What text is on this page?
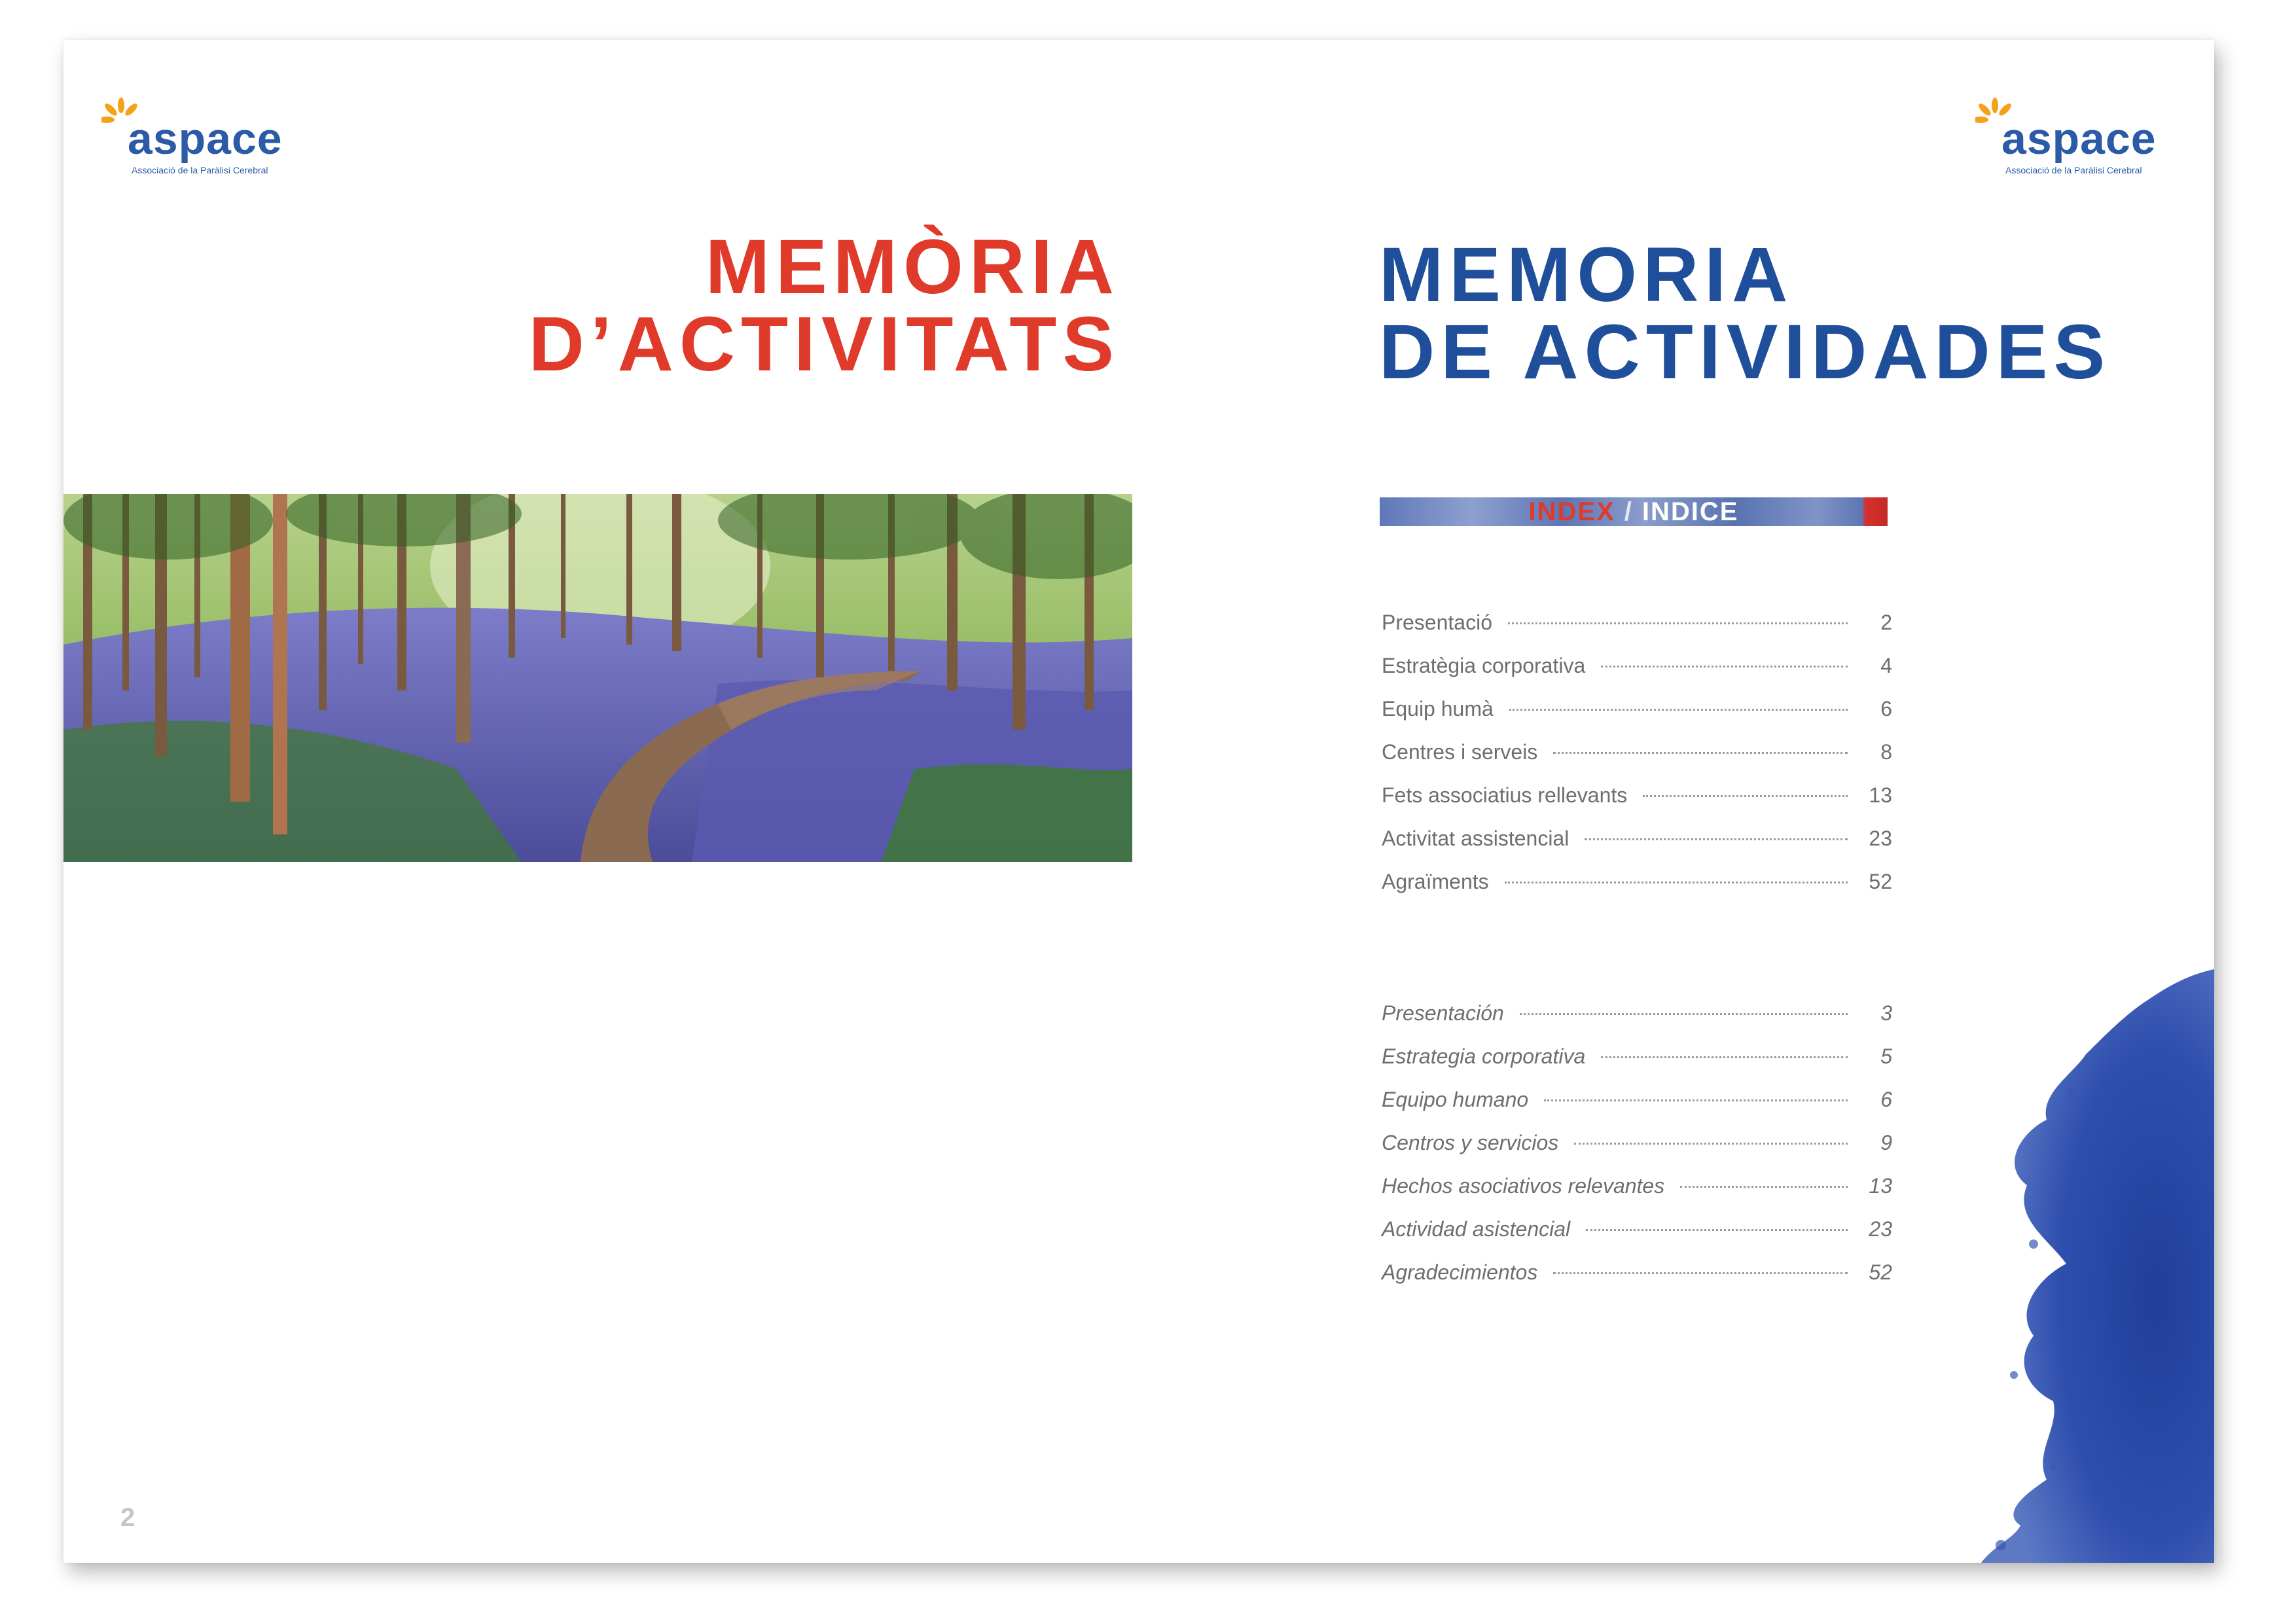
aspace
Associació de la Paràlisi Cerebral
aspace
Associació de la Paràlisi Cerebral
MEMÒRIA
D’ACTIVITATS
MEMORIA
DE ACTIVIDADES
INDEX / INDICE
Presentació	2
Estratègia corporativa	4
Equip humà	6
Centres i serveis	8
Fets associatius rellevants	13
Activitat assistencial	23
Agraïments	52
Presentación	3
Estrategia corporativa	5
Equipo humano	6
Centros y servicios	9
Hechos asociativos relevantes	13
Actividad asistencial	23
Agradecimientos	52
2
